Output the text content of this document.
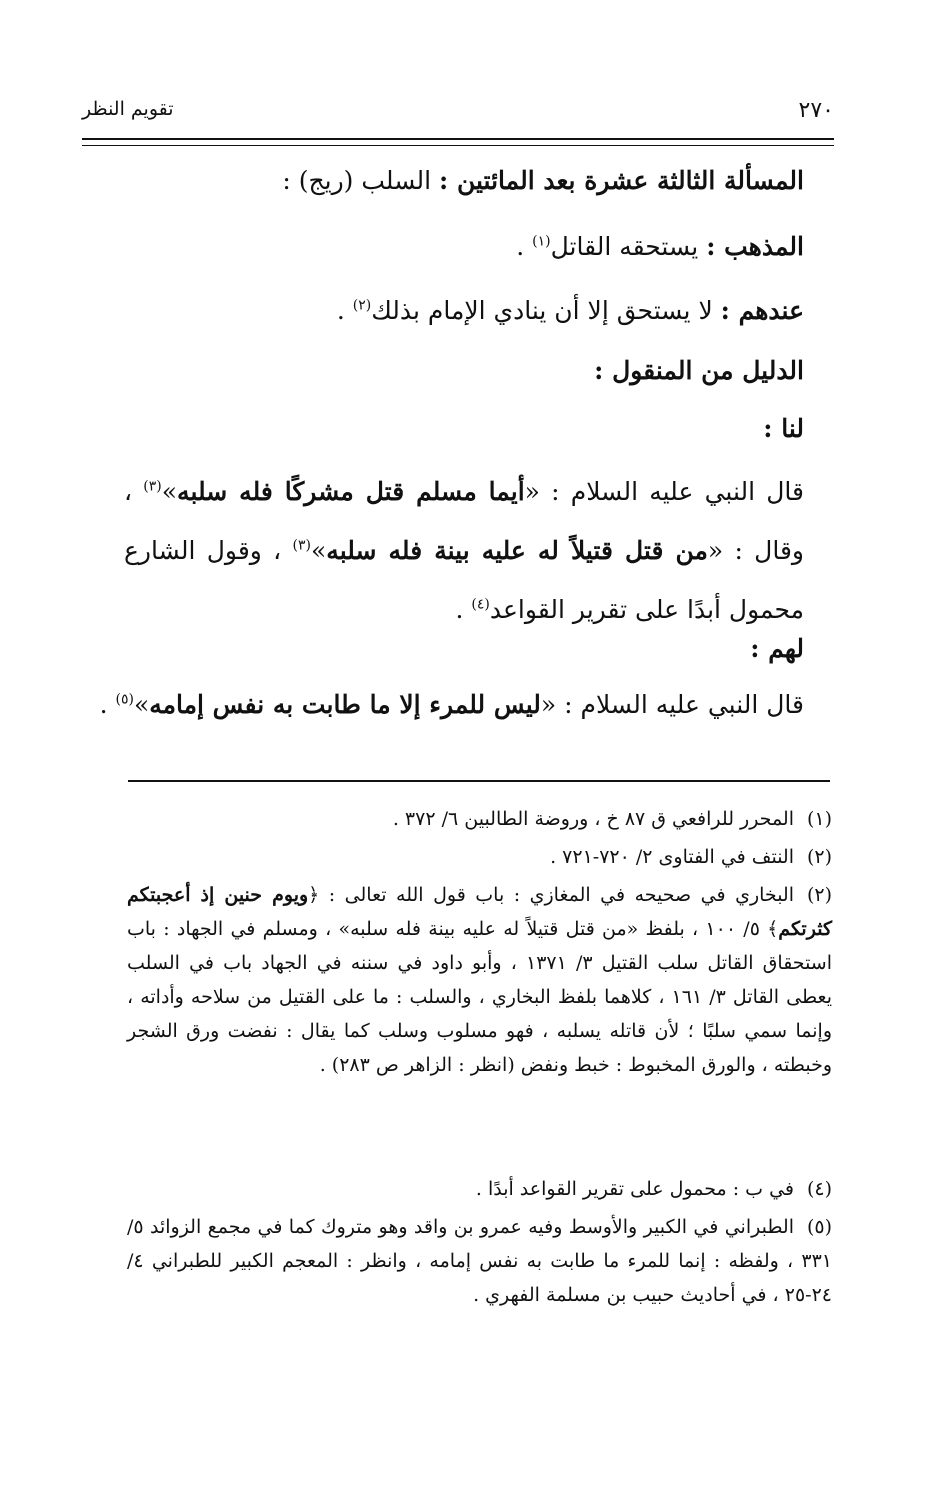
تقويم النظر	٢٧٠
المسألة الثالثة عشرة بعد المائتين : السلب (ريج) :
المذهب : يستحقه القاتل$^{(١)}$ .
عندهم : لا يستحق إلا أن ينادي الإمام بذلك$^{(٢)}$ .
الدليل من المنقول :
لنا :
قال النبي عليه السلام : «أيما مسلم قتل مشركًا فله سلبه»$^{(٣)}$ ، وقال : «من قتل قتيلاً له عليه بينة فله سلبه»$^{(٣)}$ ، وقول الشارع محمول أبدًا على تقرير القواعد$^{(٤)}$ .
لهم :
قال النبي عليه السلام : «ليس للمرء إلا ما طابت به نفس إمامه»$^{(٥)}$ .
(١)المحرر للرافعي ق ٨٧ خ ، وروضة الطالبين ٦/ ٣٧٢ .
(٢)النتف في الفتاوى ٢/ ٧٢٠-٧٢١ .
(٢)البخاري في صحيحه في المغازي : باب قول الله تعالى : ﴿ويوم حنين إذ أعجبتكم كثرتكم﴾ ٥/ ١٠٠ ، بلفظ «من قتل قتيلاً له عليه بينة فله سلبه» ، ومسلم في الجهاد : باب استحقاق القاتل سلب القتيل ٣/ ١٣٧١ ، وأبو داود في سننه في الجهاد باب في السلب يعطى القاتل ٣/ ١٦١ ، كلاهما بلفظ البخاري ، والسلب : ما على القتيل من سلاحه وأداته ، وإنما سمي سلبًا ؛ لأن قاتله يسلبه ، فهو مسلوب وسلب كما يقال : نفضت ورق الشجر وخبطته ، والورق المخبوط : خبط ونفض (انظر : الزاهر ص ٢٨٣) .
(٤)في ب : محمول على تقرير القواعد أبدًا .
(٥)الطبراني في الكبير والأوسط وفيه عمرو بن واقد وهو متروك كما في مجمع الزوائد ٥/ ٣٣١ ، ولفظه : إنما للمرء ما طابت به نفس إمامه ، وانظر : المعجم الكبير للطبراني ٤/ ٢٤-٢٥ ، في أحاديث حبيب بن مسلمة الفهري .
